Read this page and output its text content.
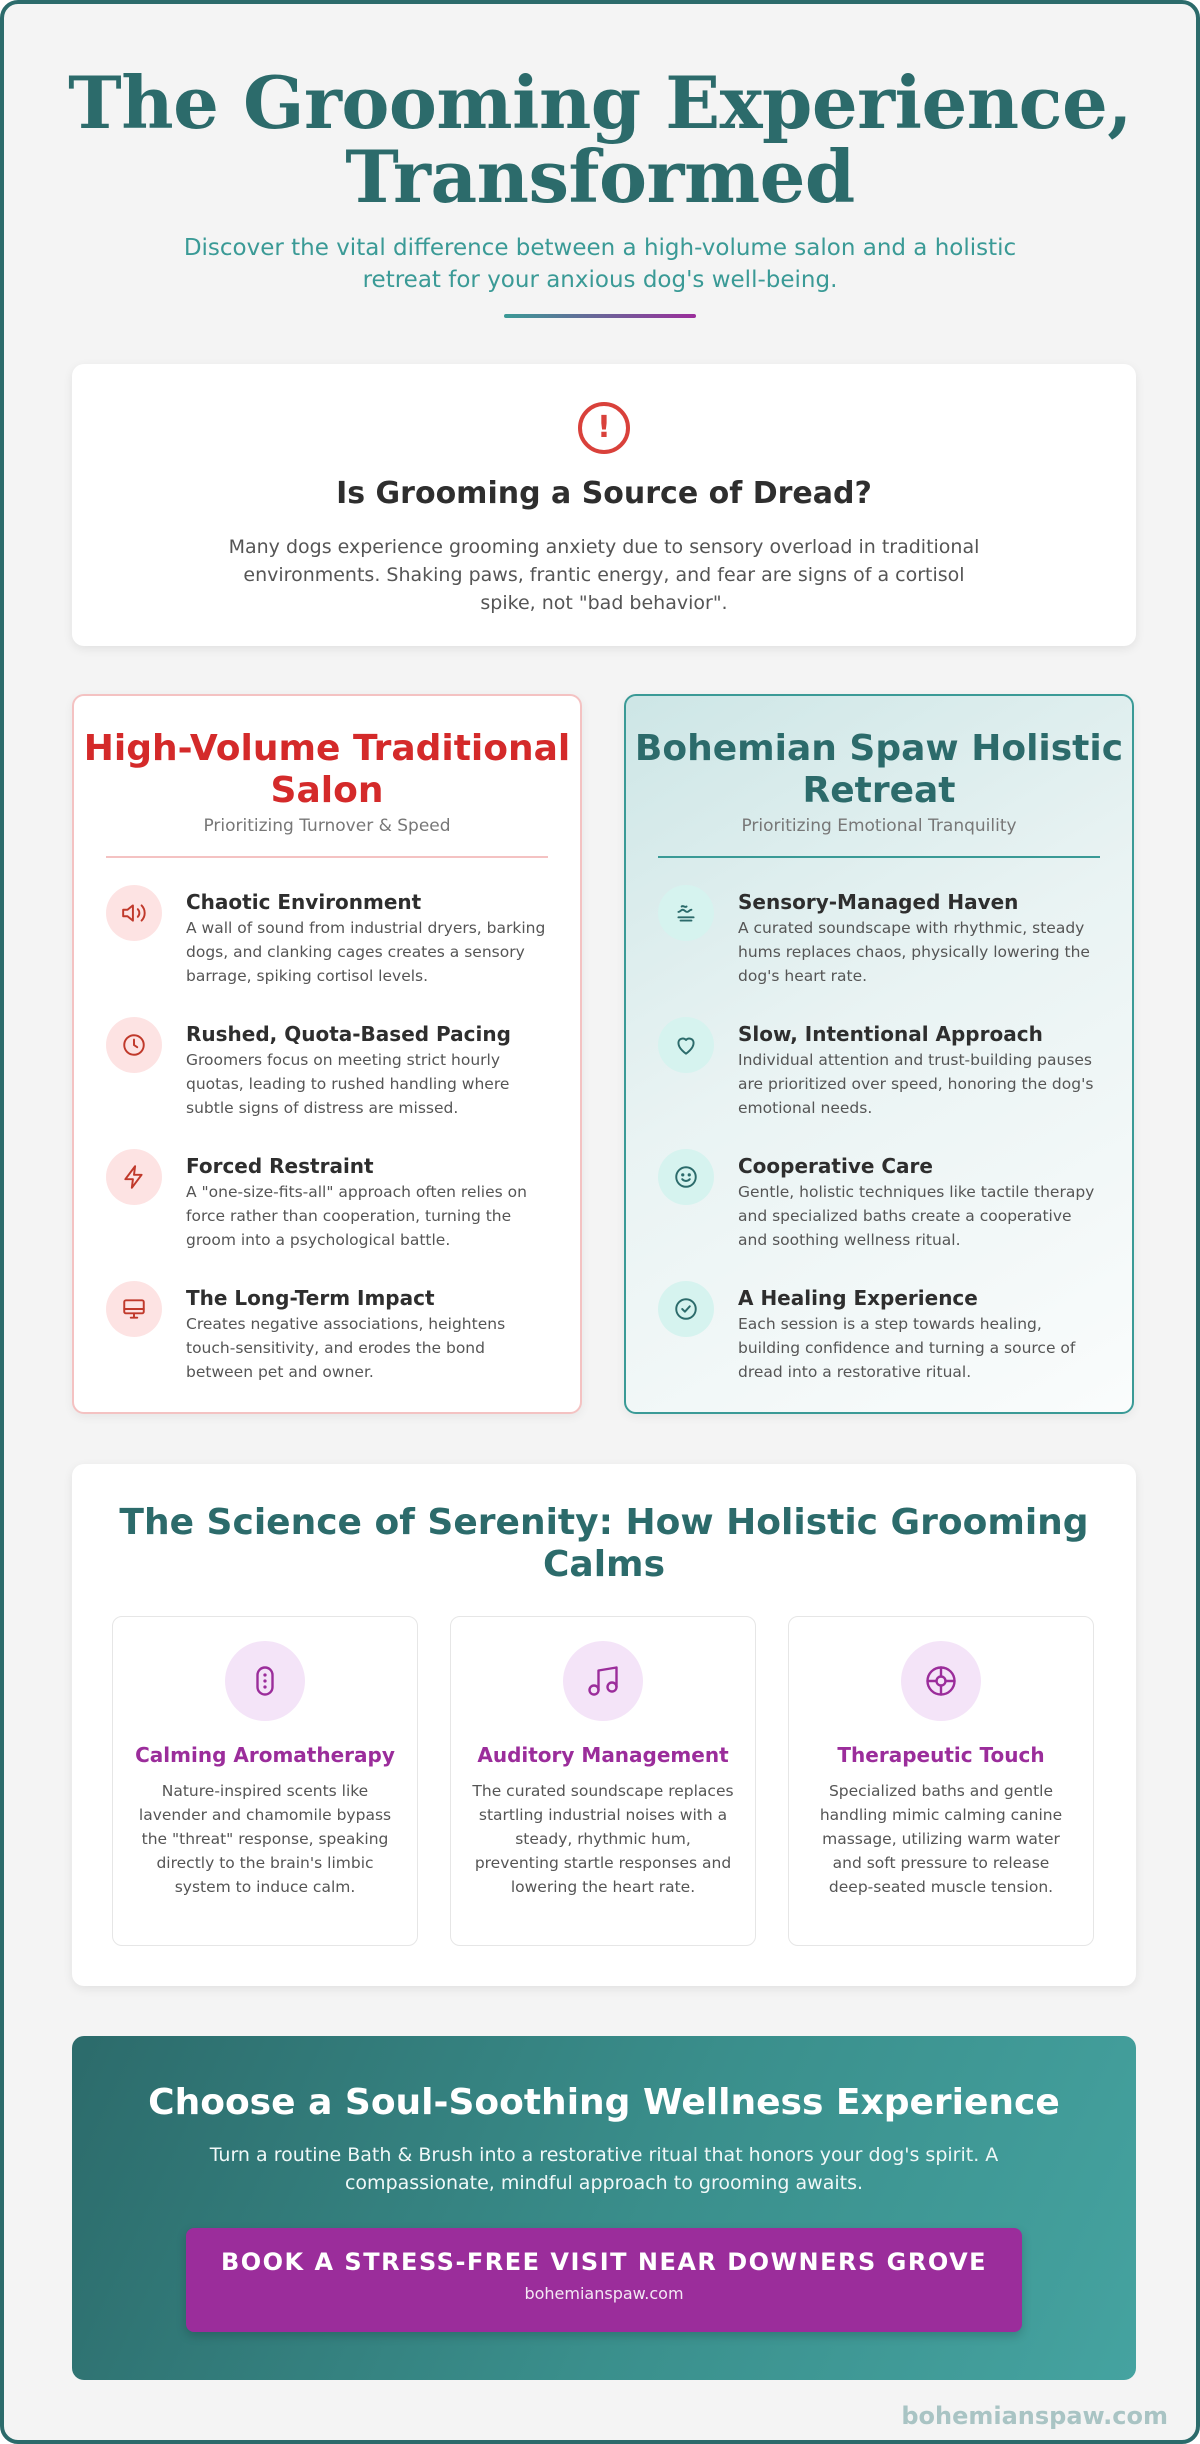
The Grooming Experience,
Transformed

Discover the vital difference between a high-volume salon and a holistic retreat for your anxious dog's well-being.

!
Is Grooming a Source of Dread?

Many dogs experience grooming anxiety due to sensory overload in traditional environments. Shaking paws, frantic energy, and fear are signs of a cortisol spike, not "bad behavior".

High-Volume Traditional Salon
Prioritizing Turnover & Speed
Chaotic Environment
A wall of sound from industrial dryers, barking dogs, and clanking cages creates a sensory barrage, spiking cortisol levels.
Rushed, Quota-Based Pacing
Groomers focus on meeting strict hourly quotas, leading to rushed handling where subtle signs of distress are missed.
Forced Restraint
A "one-size-fits-all" approach often relies on force rather than cooperation, turning the groom into a psychological battle.
The Long-Term Impact
Creates negative associations, heightens touch-sensitivity, and erodes the bond between pet and owner.
Bohemian Spaw Holistic Retreat
Prioritizing Emotional Tranquility
Sensory-Managed Haven
A curated soundscape with rhythmic, steady hums replaces chaos, physically lowering the dog's heart rate.
Slow, Intentional Approach
Individual attention and trust-building pauses are prioritized over speed, honoring the dog's emotional needs.
Cooperative Care
Gentle, holistic techniques like tactile therapy and specialized baths create a cooperative and soothing wellness ritual.
A Healing Experience
Each session is a step towards healing, building confidence and turning a source of dread into a restorative ritual.
The Science of Serenity: How Holistic Grooming Calms
Calming Aromatherapy
Nature-inspired scents like lavender and chamomile bypass the "threat" response, speaking directly to the brain's limbic system to induce calm.
Auditory Management
The curated soundscape replaces startling industrial noises with a steady, rhythmic hum, preventing startle responses and lowering the heart rate.
Therapeutic Touch
Specialized baths and gentle handling mimic calming canine massage, utilizing warm water and soft pressure to release deep-seated muscle tension.
Choose a Soul-Soothing Wellness Experience

Turn a routine Bath & Brush into a restorative ritual that honors your dog's spirit. A compassionate, mindful approach to grooming awaits.

BOOK A STRESS-FREE VISIT NEAR DOWNERS GROVE
bohemianspaw.com
bohemianspaw.com
